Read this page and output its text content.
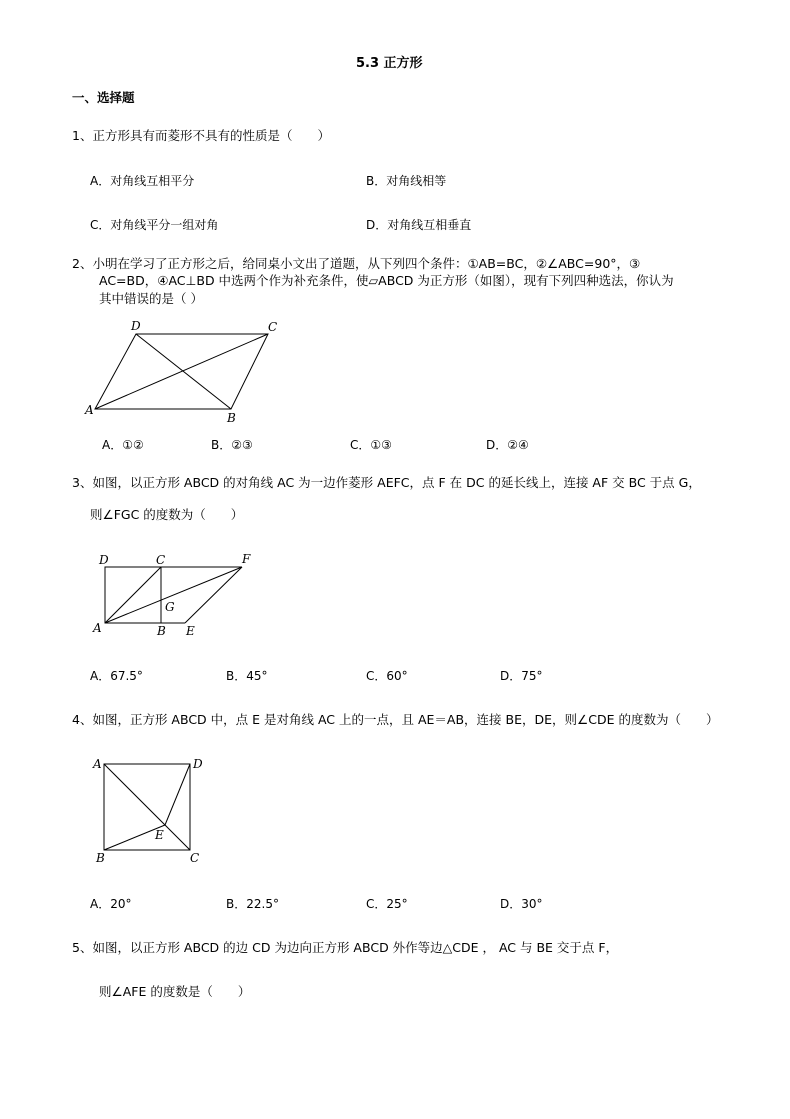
5.3 正方形
一、选择题
1、正方形具有而菱形不具有的性质是（　　）
A．对角线互相平分	B．对角线相等
C．对角线平分一组对角	D．对角线互相垂直
2、小明在学习了正方形之后，给同桌小文出了道题，从下列四个条件：①AB=BC，②∠ABC=90°，③
AC=BD，④AC⊥BD 中选两个作为补充条件，使▱ABCD 为正方形（如图），现有下列四种选法，你认为
其中错误的是（ ）
D	C
A
B
A．①②	B．②③	C．①③	D．②④
3、如图，以正方形 ABCD 的对角线 AC 为一边作菱形 AEFC，点 F 在 DC 的延长线上，连接 AF 交 BC 于点 G，
则∠FGC 的度数为（　　）
D	C	F
G
A	B E
A．67.5°	B．45°	C．60°	D．75°
4、如图，正方形 ABCD 中，点 E 是对角线 AC 上的一点，且 AE＝AB，连接 BE，DE，则∠CDE 的度数为（　　）
A	D
E
B	C
A．20°	B．22.5°	C．25°	D．30°
5、如图，以正方形 ABCD 的边 CD 为边向正方形 ABCD 外作等边△CDE ， AC 与 BE 交于点 F，
则∠AFE 的度数是（　　）
